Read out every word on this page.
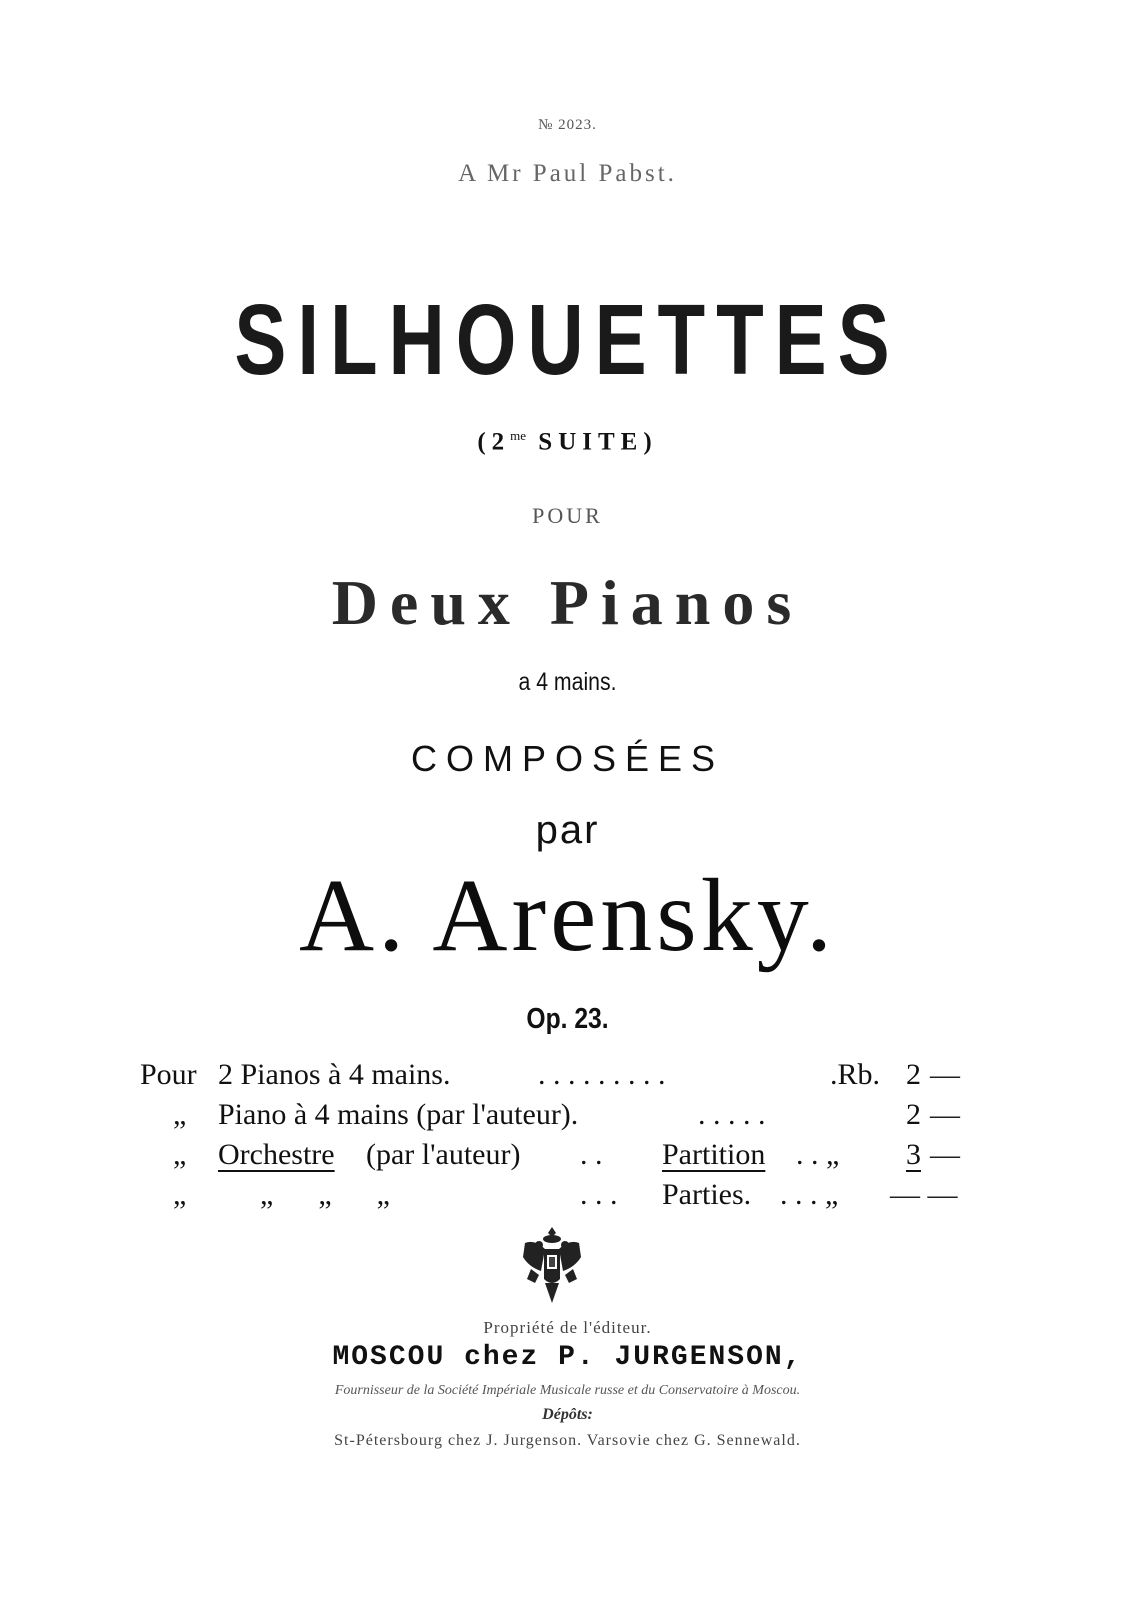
№ 2023.
A Mr Paul Pabst.
SILHOUETTES
($2^{me}$ SUITE)
POUR
Deux Pianos
a 4 mains.
COMPOSÉES
par
A. Arensky.
Op. 23.
Pour 2 Pianos à 4 mains.	. . . . . . . . .	.Rb. 2 —
„ Piano à 4 mains (par l'auteur).	. . . . .	2 —
„ Orchestre (par l'auteur) . . Partition . . „ 3 —
„ „      „      „	. . . Parties. . . . „ — —
Propriété de l'éditeur.
MOSCOU chez P. JURGENSON,
Fournisseur de la Société Impériale Musicale russe et du Conservatoire à Moscou.
Dépôts:
St-Pétersbourg chez J. Jurgenson. Varsovie chez G. Sennewald.
